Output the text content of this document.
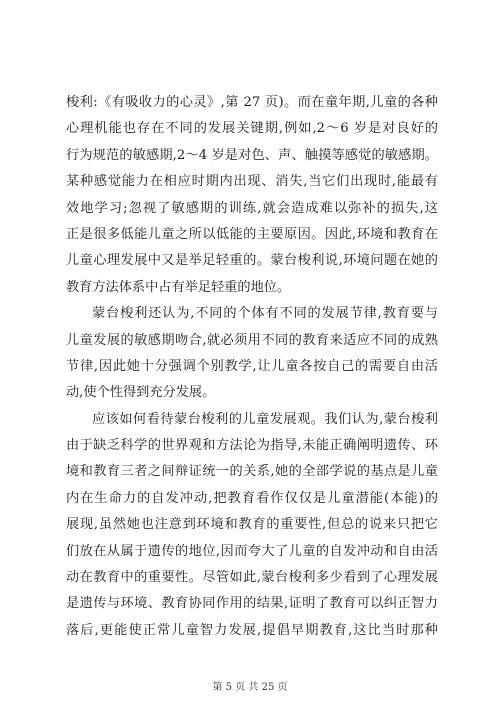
梭利:《有吸收力的心灵》,第 27 页)。而在童年期,儿童的各种
心理机能也存在不同的发展关键期,例如,2～6 岁是对良好的
行为规范的敏感期,2～4 岁是对色、声、触摸等感觉的敏感期。
某种感觉能力在相应时期内出现、消失,当它们出现时,能最有
效地学习;忽视了敏感期的训练,就会造成难以弥补的损失,这
正是很多低能儿童之所以低能的主要原因。因此,环境和教育在
儿童心理发展中又是举足轻重的。蒙台梭利说,环境问题在她的
教育方法体系中占有举足轻重的地位。
蒙台梭利还认为,不同的个体有不同的发展节律,教育要与
儿童发展的敏感期吻合,就必须用不同的教育来适应不同的成熟
节律,因此她十分强调个别教学,让儿童各按自己的需要自由活
动,使个性得到充分发展。
应该如何看待蒙台梭利的儿童发展观。我们认为,蒙台梭利
由于缺乏科学的世界观和方法论为指导,未能正确阐明遗传、环
境和教育三者之间辩证统一的关系,她的全部学说的基点是儿童
内在生命力的自发冲动,把教育看作仅仅是儿童潜能(本能)的
展现,虽然她也注意到环境和教育的重要性,但总的说来只把它
们放在从属于遗传的地位,因而夸大了儿童的自发冲动和自由活
动在教育中的重要性。尽管如此,蒙台梭利多少看到了心理发展
是遗传与环境、教育协同作用的结果,证明了教育可以纠正智力
落后,更能使正常儿童智力发展,提倡早期教育,这比当时那种
第 5 页 共 25 页
